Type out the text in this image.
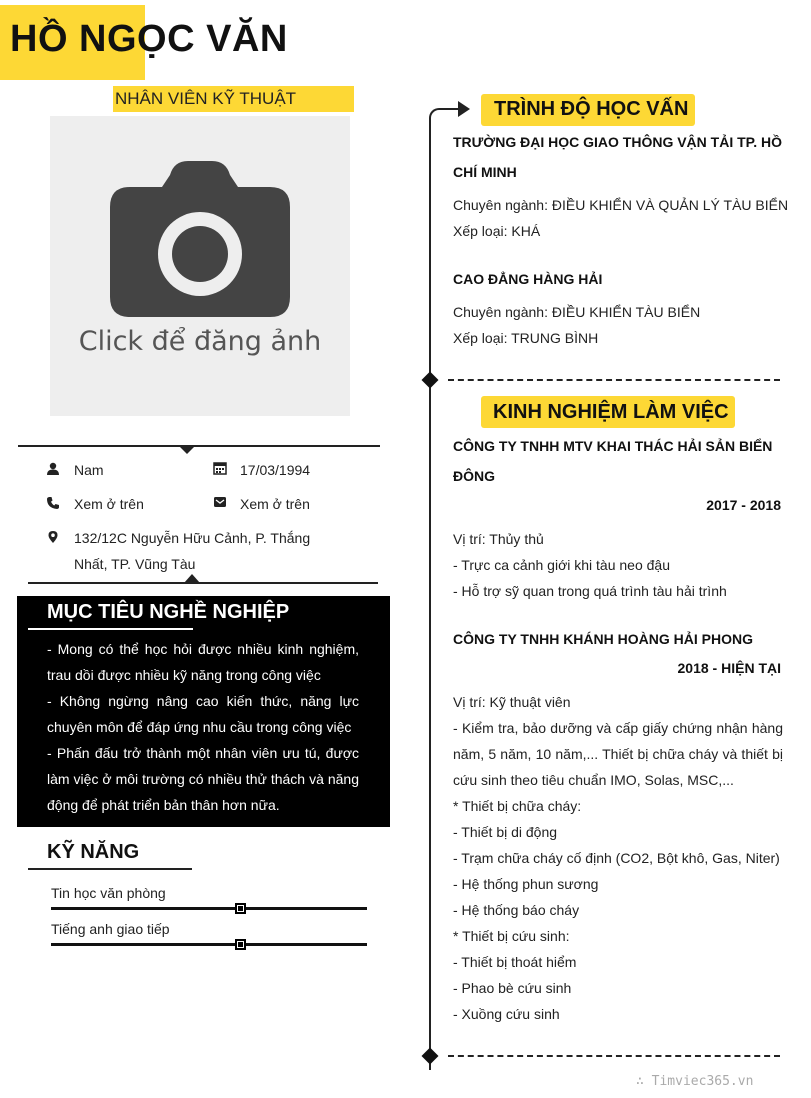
HỒ NGỌC VĂN
NHÂN VIÊN KỸ THUẬT
Click để đăng ảnh
Nam	17/03/1994
Xem ở trên	Xem ở trên
132/12C Nguyễn Hữu Cảnh, P. Thắng
Nhất, TP. Vũng Tàu
MỤC TIÊU NGHỀ NGHIỆP
- Mong có thể học hỏi được nhiều kinh nghiệm, trau dồi được nhiều kỹ năng trong công việc
- Không ngừng nâng cao kiến thức, năng lực chuyên môn để đáp ứng nhu cầu trong công việc
- Phấn đấu trở thành một nhân viên ưu tú, được làm việc ở môi trường có nhiều thử thách và năng động để phát triển bản thân hơn nữa.
KỸ NĂNG
Tin học văn phòng
Tiếng anh giao tiếp
TRÌNH ĐỘ HỌC VẤN
TRƯỜNG ĐẠI HỌC GIAO THÔNG VẬN TẢI TP. HỒ CHÍ MINH
Chuyên ngành: ĐIỀU KHIỂN VÀ QUẢN LÝ TÀU BIỂN
Xếp loại: KHÁ
CAO ĐẲNG HÀNG HẢI
Chuyên ngành: ĐIỀU KHIỂN TÀU BIỂN
Xếp loại: TRUNG BÌNH
KINH NGHIỆM LÀM VIỆC
CÔNG TY TNHH MTV KHAI THÁC HẢI SẢN BIỂN ĐÔNG
2017 - 2018
Vị trí: Thủy thủ
- Trực ca cảnh giới khi tàu neo đậu
- Hỗ trợ sỹ quan trong quá trình tàu hải trình
CÔNG TY TNHH KHÁNH HOÀNG HẢI PHONG
2018 - HIỆN TẠI
Vị trí: Kỹ thuật viên
- Kiểm tra, bảo dưỡng và cấp giấy chứng nhận hàng năm, 5 năm, 10 năm,... Thiết bị chữa cháy và thiết bị cứu sinh theo tiêu chuẩn IMO, Solas, MSC,...
* Thiết bị chữa cháy:
- Thiết bị di động
- Trạm chữa cháy cố định (CO2, Bột khô, Gas, Niter)
- Hệ thống phun sương
- Hệ thống báo cháy
* Thiết bị cứu sinh:
- Thiết bị thoát hiểm
- Phao bè cứu sinh
- Xuồng cứu sinh
∴ Timviec365.vn
